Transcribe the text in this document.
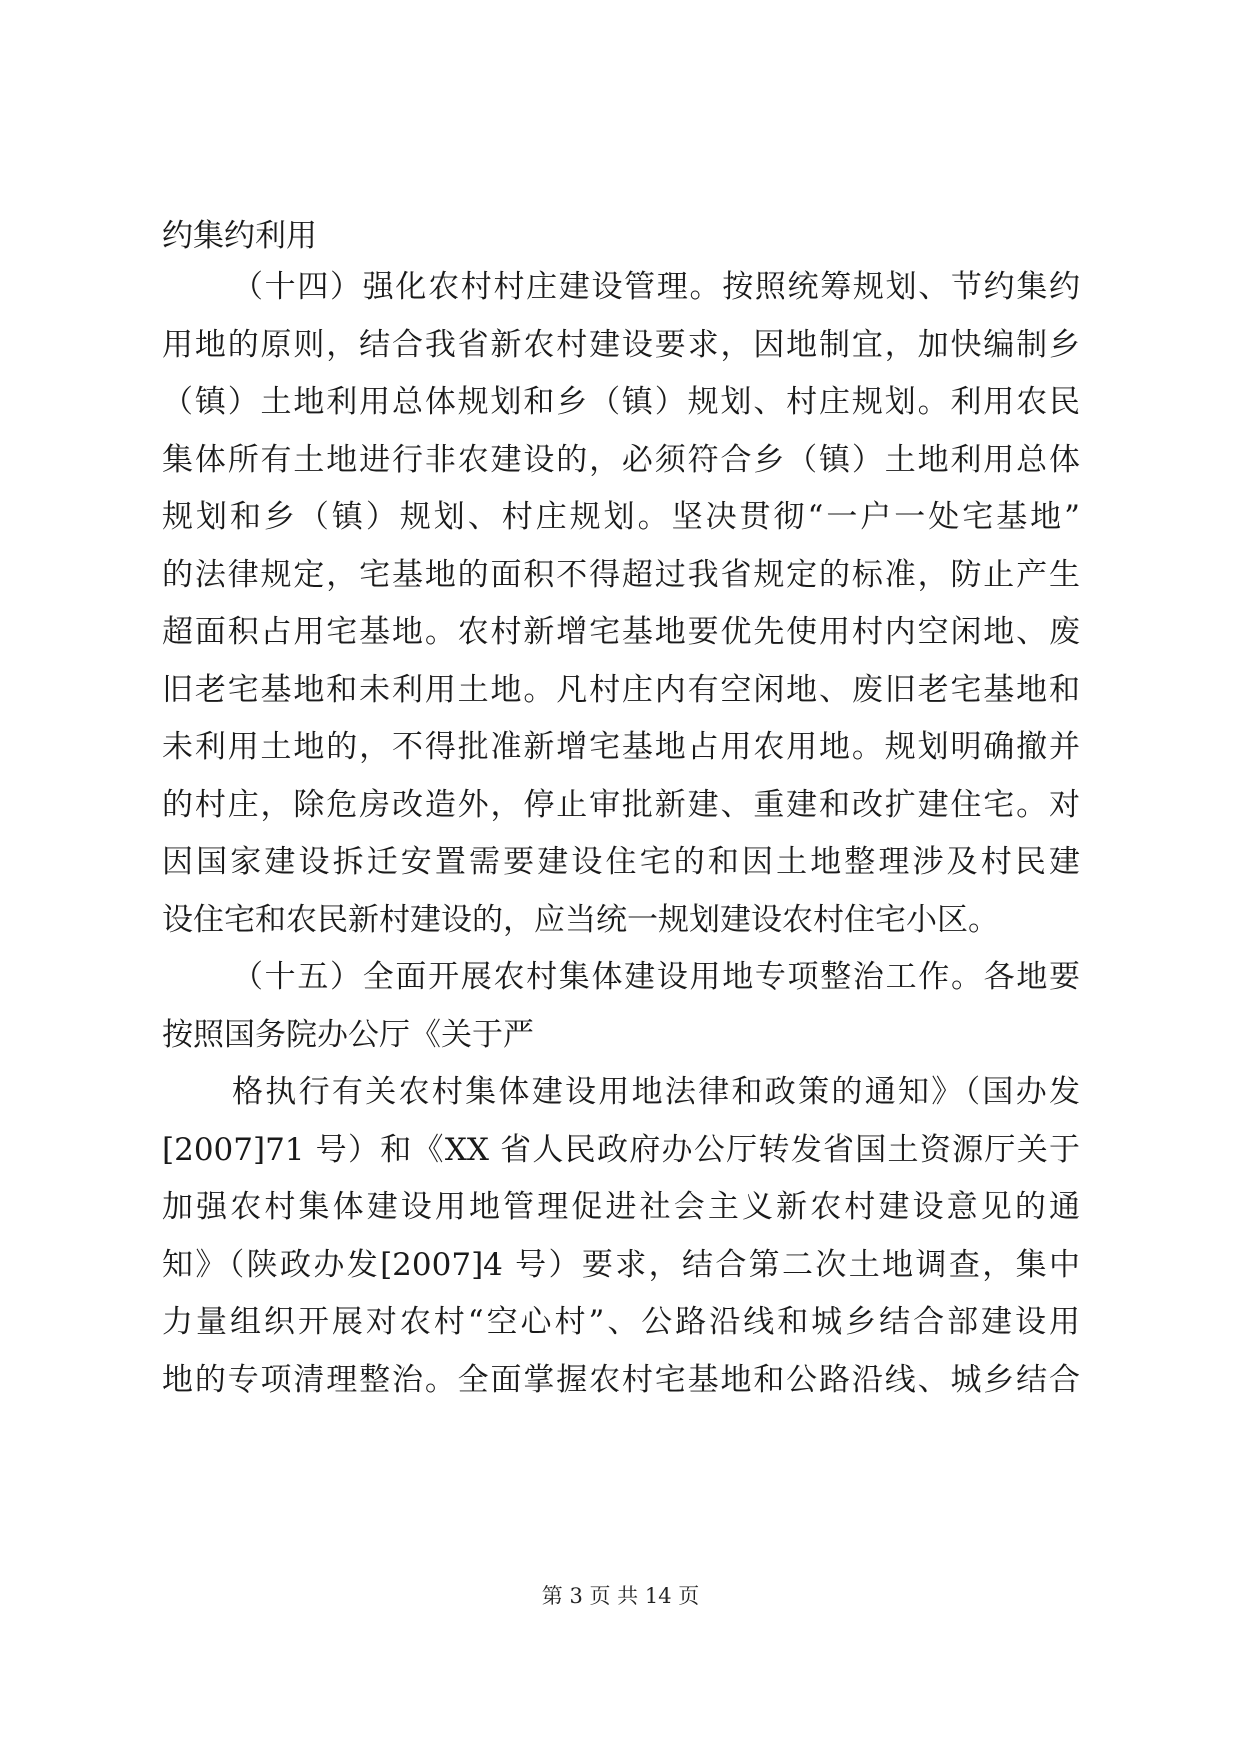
约集约利用
（十四）强化农村村庄建设管理。按照统筹规划、节约集约
用地的原则，结合我省新农村建设要求，因地制宜，加快编制乡
（镇）土地利用总体规划和乡（镇）规划、村庄规划。利用农民
集体所有土地进行非农建设的，必须符合乡（镇）土地利用总体
规划和乡（镇）规划、村庄规划。坚决贯彻“一户一处宅基地”
的法律规定，宅基地的面积不得超过我省规定的标准，防止产生
超面积占用宅基地。农村新增宅基地要优先使用村内空闲地、废
旧老宅基地和未利用土地。凡村庄内有空闲地、废旧老宅基地和
未利用土地的，不得批准新增宅基地占用农用地。规划明确撤并
的村庄，除危房改造外，停止审批新建、重建和改扩建住宅。对
因国家建设拆迁安置需要建设住宅的和因土地整理涉及村民建
设住宅和农民新村建设的，应当统一规划建设农村住宅小区。
（十五）全面开展农村集体建设用地专项整治工作。各地要
按照国务院办公厅《关于严
格执行有关农村集体建设用地法律和政策的通知》（国办发
[2007]71 号）和《XX 省人民政府办公厅转发省国土资源厅关于
加强农村集体建设用地管理促进社会主义新农村建设意见的通
知》（陕政办发[2007]4 号）要求，结合第二次土地调查，集中
力量组织开展对农村“空心村”、公路沿线和城乡结合部建设用
地的专项清理整治。全面掌握农村宅基地和公路沿线、城乡结合
第 3 页 共 14 页
